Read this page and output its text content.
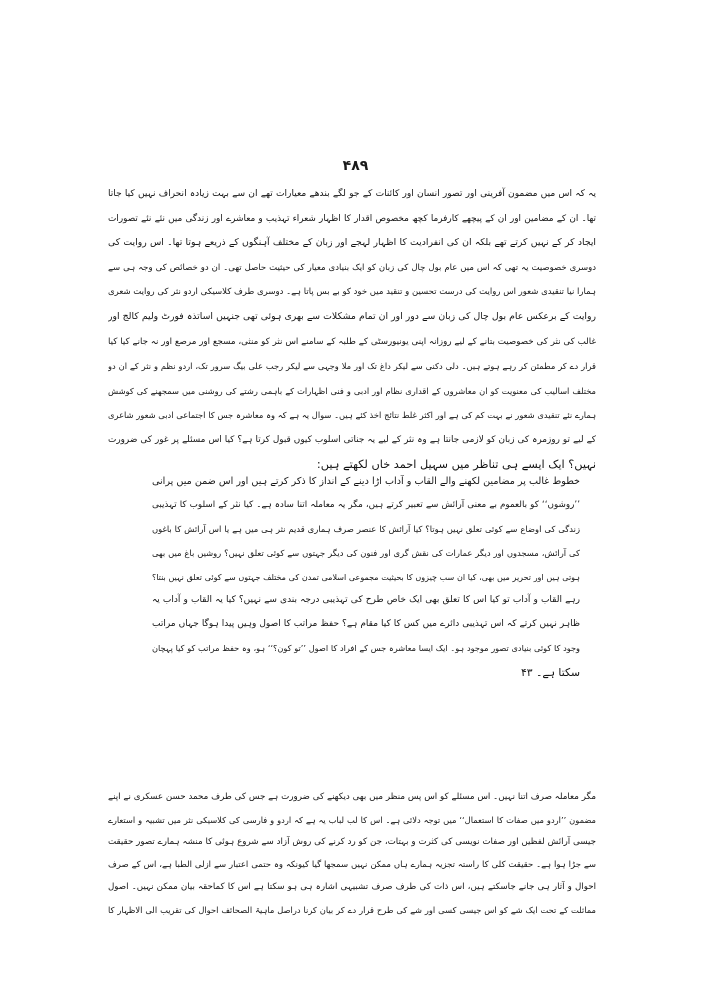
۴۸۹
یہ کہ اس میں مضمون آفرینی اور تصور انسان اور کائنات کے جو لگے بندھے معیارات تھے ان سے بہت زیادہ انحراف نہیں کیا جاتا
تھا۔ ان کے مضامین اور ان کے پیچھے کارفرما کچھ مخصوص اقدار کا اظہار شعراء تہذیب و معاشرے اور زندگی میں نئے نئے تصورات
ایجاد کر کے نہیں کرتے تھے بلکہ ان کی انفرادیت کا اظہار لہجے اور زبان کے مختلف آہنگوں کے ذریعے ہوتا تھا۔ اس روایت کی
دوسری خصوصیت یہ تھی کہ اس میں عام بول چال کی زبان کو ایک بنیادی معیار کی حیثیت حاصل تھی۔ ان دو خصائص کی وجہ ہی سے
ہمارا نیا تنقیدی شعور اس روایت کی درست تحسین و تنقید میں خود کو بے بس پاتا ہے۔ دوسری طرف کلاسیکی اردو نثر کی روایت شعری
روایت کے برعکس عام بول چال کی زبان سے دور اور ان تمام مشکلات سے بھری ہوئی تھی جنہیں اساتذہ فورٹ ولیم کالج اور
غالب کی نثر کی خصوصیت بتانے کے لیے روزانہ اپنی یونیورسٹی کے طلبہ کے سامنے اس نثر کو منثی، مسجع اور مرصع اور نہ جانے کیا کیا
قرار دے کر مطمئن کر رہے ہوتے ہیں۔ دلی دکنی سے لیکر داغ تک اور ملا وجہی سے لیکر رجب علی بیگ سرور تک، اردو نظم و نثر کے ان دو
مختلف اسالیب کی معنویت کو ان معاشروں کے اقداری نظام اور ادبی و فنی اظہارات کے باہمی رشتے کی روشنی میں سمجھنے کی کوشش
ہمارے نئے تنقیدی شعور نے بہت کم کی ہے اور اکثر غلط نتائج اخذ کئے ہیں۔ سوال یہ ہے کہ وہ معاشرہ جس کا اجتماعی ادبی شعور شاعری
کے لیے تو روزمرہ کی زبان کو لازمی جانتا ہے وہ نثر کے لیے یہ جناتی اسلوب کیوں قبول کرتا ہے؟ کیا اس مسئلے پر غور کی ضرورت
نہیں؟ ایک ایسے ہی تناظر میں سہیل احمد خاں لکھتے ہیں:
خطوط غالب پر مضامین لکھنے والے القاب و آداب اڑا دینے کے انداز کا ذکر کرتے ہیں اور اس ضمن میں پرانی
’’روشوں‘‘ کو بالعموم بے معنی آرائش سے تعبیر کرتے ہیں، مگر یہ معاملہ اتنا سادہ ہے۔ کیا نثر کے اسلوب کا تہذیبی
زندگی کی اوضاع سے کوئی تعلق نہیں ہوتا؟ کیا آرائش کا عنصر صرف ہماری قدیم نثر ہی میں ہے یا اس آرائش کا باغوں
کی آرائش، مسجدوں اور دیگر عمارات کی نقش گری اور فنون کی دیگر جہتوں سے کوئی تعلق نہیں؟ روشیں باغ میں بھی
ہوتی ہیں اور تحریر میں بھی، کیا ان سب چیزوں کا بحیثیت مجموعی اسلامی تمدن کی مختلف جہتوں سے کوئی تعلق نہیں بنتا؟
رہے القاب و آداب تو کیا اس کا تعلق بھی ایک خاص طرح کی تہذیبی درجہ بندی سے نہیں؟ کیا یہ القاب و آداب یہ
ظاہر نہیں کرتے کہ اس تہذیبی دائرے میں کس کا کیا مقام ہے؟ حفظ مراتب کا اصول وہیں پیدا ہوگا جہاں مراتب
وجود کا کوئی بنیادی تصور موجود ہو۔ ایک ایسا معاشرہ جس کے افراد کا اصول ’’تو کون؟‘‘ ہو، وہ حفظ مراتب کو کیا پہچان
سکتا ہے۔ ۴۳
مگر معاملہ صرف اتنا نہیں۔ اس مسئلے کو اس پس منظر میں بھی دیکھنے کی ضرورت ہے جس کی طرف محمد حسن عسکری نے اپنے
مضمون ’’اردو میں صفات کا استعمال‘‘ میں توجہ دلائی ہے۔ اس کا لب لباب یہ ہے کہ اردو و فارسی کی کلاسیکی نثر میں تشبیہ و استعارے
جیسی آرائش لفظیں اور صفات نویسی کی کثرت و بہتات، جن کو رد کرنے کی روش آزاد سے شروع ہوئی کا منشہ ہمارے تصور حقیقت
سے جڑا ہوا ہے۔ حقیقت کلی کا راستہ تجزیہ ہمارے ہاں ممکن نہیں سمجھا گیا کیونکہ وہ حتمی اعتبار سے ازلی الطبا ہے، اس کے صرف
احوال و آثار ہی جانے جاسکتے ہیں، اس ذات کی طرف صرف تشبیہی اشارہ ہی ہو سکتا ہے اس کا کماحقہ بیان ممکن نہیں۔ اصول
مماثلت کے تحت ایک شے کو اس جیسی کسی اور شے کی طرح قرار دے کر بیان کرنا دراصل ماہیۃ الصحائف احوال کی تقریب الی الاظہار کا
